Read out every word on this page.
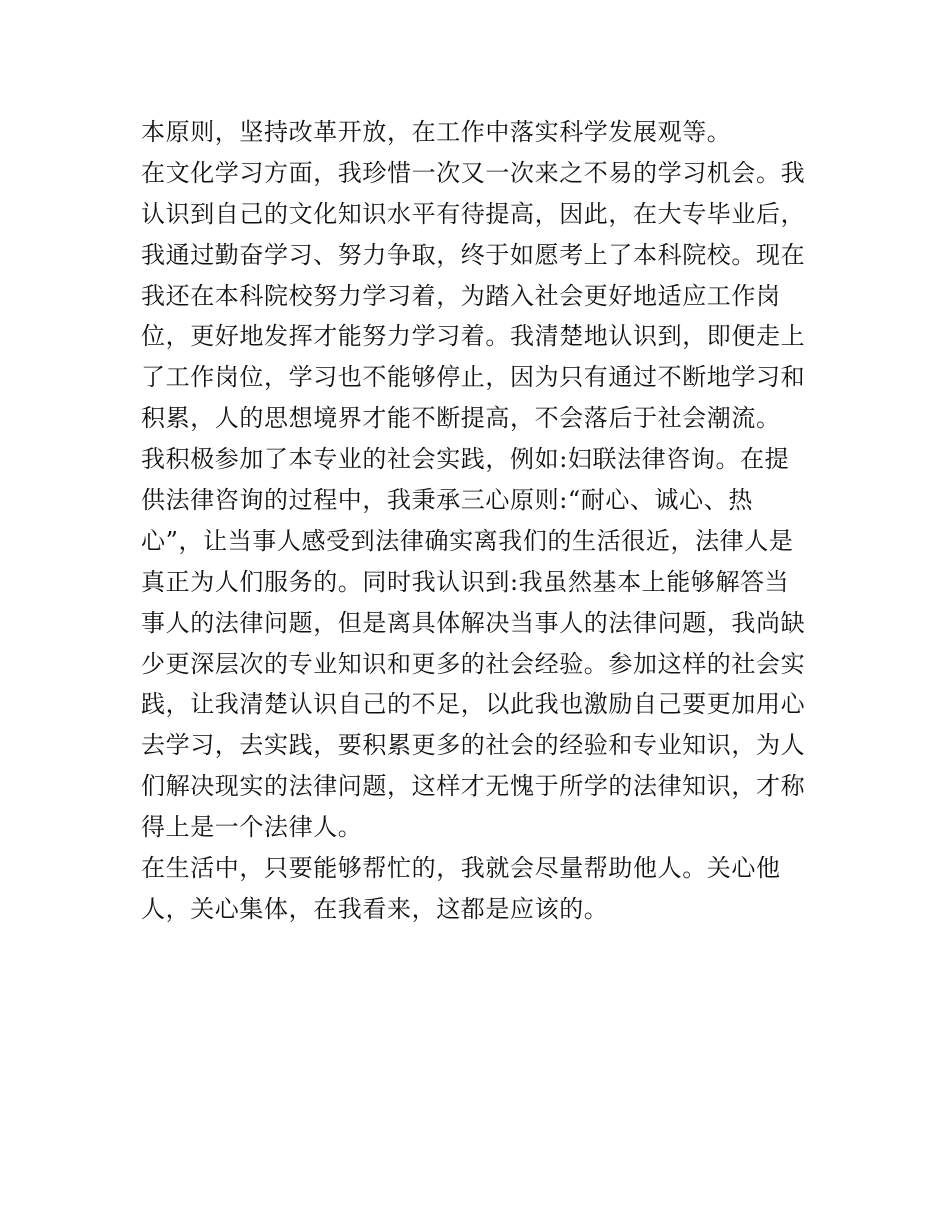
本原则，坚持改革开放，在工作中落实科学发展观等。
在文化学习方面，我珍惜一次又一次来之不易的学习机会。我
认识到自己的文化知识水平有待提高，因此，在大专毕业后，
我通过勤奋学习、努力争取，终于如愿考上了本科院校。现在
我还在本科院校努力学习着，为踏入社会更好地适应工作岗
位，更好地发挥才能努力学习着。我清楚地认识到，即便走上
了工作岗位，学习也不能够停止，因为只有通过不断地学习和
积累，人的思想境界才能不断提高，不会落后于社会潮流。
我积极参加了本专业的社会实践，例如:妇联法律咨询。在提
供法律咨询的过程中，我秉承三心原则:“耐心、诚心、热
心”，让当事人感受到法律确实离我们的生活很近，法律人是
真正为人们服务的。同时我认识到:我虽然基本上能够解答当
事人的法律问题，但是离具体解决当事人的法律问题，我尚缺
少更深层次的专业知识和更多的社会经验。参加这样的社会实
践，让我清楚认识自己的不足，以此我也激励自己要更加用心
去学习，去实践，要积累更多的社会的经验和专业知识，为人
们解决现实的法律问题，这样才无愧于所学的法律知识，才称
得上是一个法律人。
在生活中，只要能够帮忙的，我就会尽量帮助他人。关心他
人，关心集体，在我看来，这都是应该的。
